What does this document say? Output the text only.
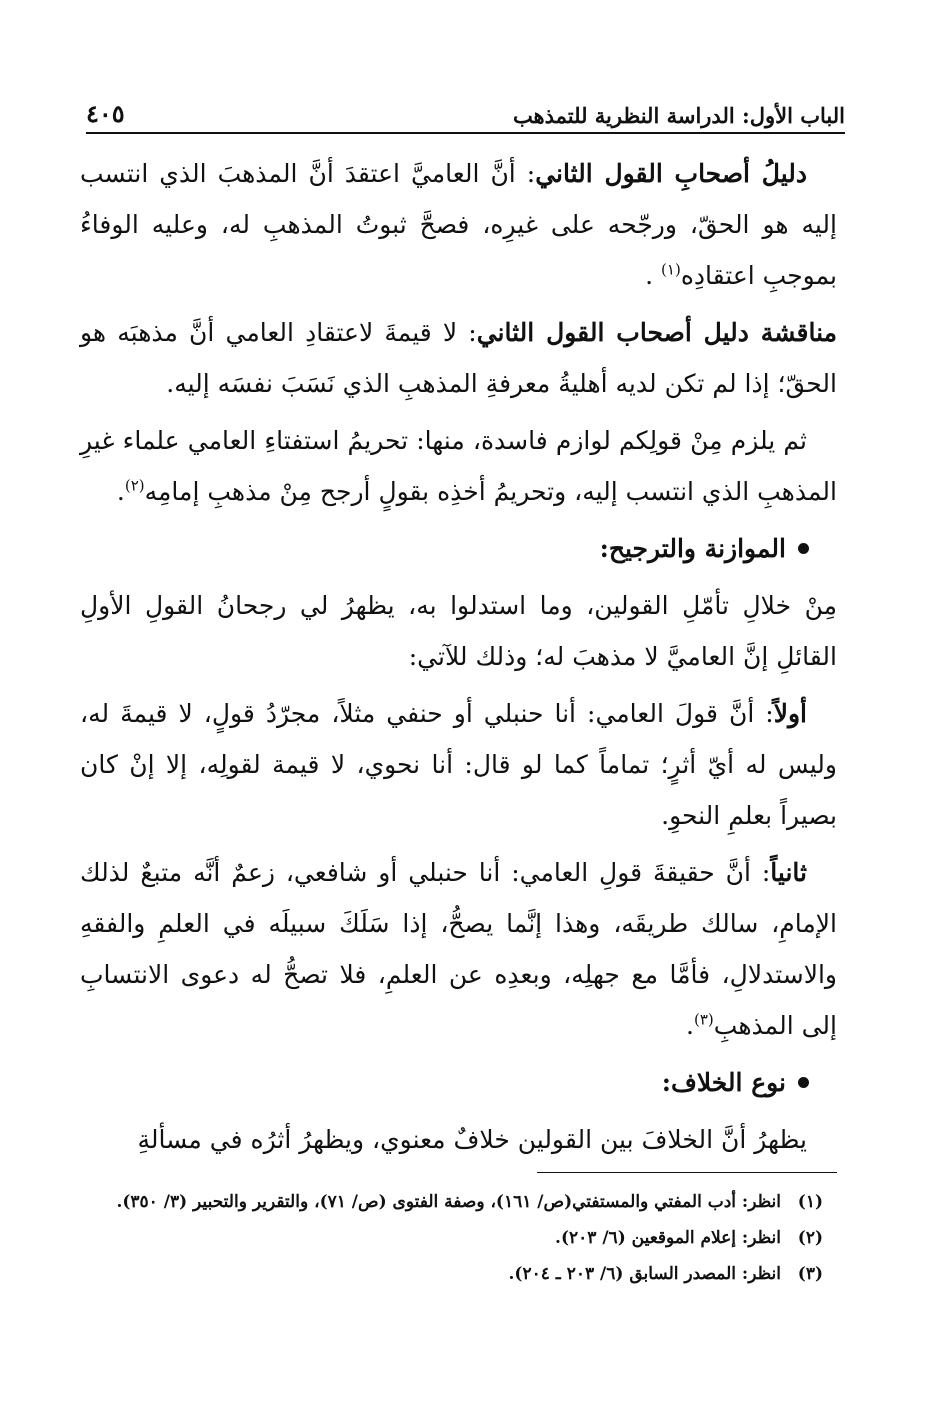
الباب الأول: الدراسة النظرية للتمذهب
٤٠٥

دليلُ أصحابِ القول الثاني: أنَّ العاميَّ اعتقدَ أنَّ المذهبَ الذي انتسب إليه هو الحقّ، ورجّحه على غيرِه، فصحَّ ثبوتُ المذهبِ له، وعليه الوفاءُ بموجبِ اعتقادِه$^{(١)}$ .

مناقشة دليل أصحاب القول الثاني: لا قيمةَ لاعتقادِ العامي أنَّ مذهبَه هو الحقّ؛ إذا لم تكن لديه أهليةُ معرفةِ المذهبِ الذي نَسَبَ نفسَه إليه.

ثم يلزم مِنْ قولِكم لوازم فاسدة، منها: تحريمُ استفتاءِ العامي علماء غيرِ المذهبِ الذي انتسب إليه، وتحريمُ أخذِه بقولٍ أرجح مِنْ مذهبِ إمامِه$^{(٢)}$.

الموازنة والترجيح:

مِنْ خلالِ تأمّلِ القولين، وما استدلوا به، يظهرُ لي رجحانُ القولِ الأولِ القائلِ إنَّ العاميَّ لا مذهبَ له؛ وذلك للآتي:

أولاً: أنَّ قولَ العامي: أنا حنبلي أو حنفي مثلاً، مجرّدُ قولٍ، لا قيمةَ له، وليس له أيّ أثرٍ؛ تماماً كما لو قال: أنا نحوي، لا قيمة لقولِه، إلا إنْ كان بصيراً بعلمِ النحوِ.

ثانياً: أنَّ حقيقةَ قولِ العامي: أنا حنبلي أو شافعي، زعمٌ أنَّه متبعٌ لذلك الإمامِ، سالك طريقَه، وهذا إنَّما يصحُّ، إذا سَلَكَ سبيلَه في العلمِ والفقهِ والاستدلالِ، فأمَّا مع جهلِه، وبعدِه عن العلمِ، فلا تصحُّ له دعوى الانتسابِ إلى المذهبِ$^{(٣)}$.

نوع الخلاف:

يظهرُ أنَّ الخلافَ بين القولين خلافٌ معنوي، ويظهرُ أثرُه في مسألةِ

(١)
انظر: أدب المفتي والمستفتي(ص/ ١٦١)، وصفة الفتوى (ص/ ٧١)، والتقرير والتحبير (٣/ ٣٥٠).
(٢)
انظر: إعلام الموقعين (٦/ ٢٠٣).
(٣)
انظر: المصدر السابق (٦/ ٢٠٣ ـ ٢٠٤).
